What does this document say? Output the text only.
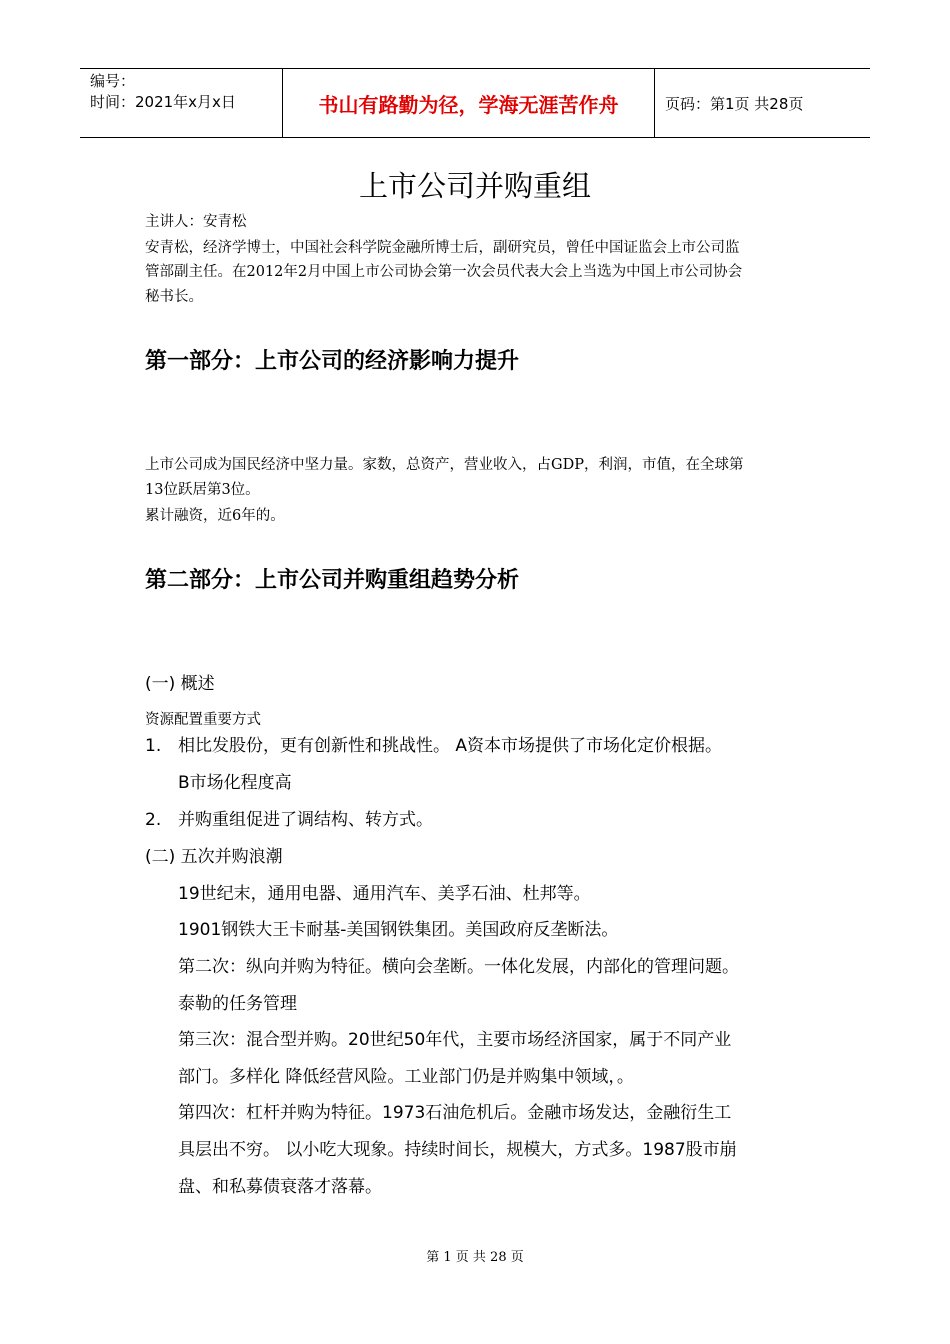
编号：
时间：2021年x月x日	书山有路勤为径，学海无涯苦作舟	页码：第1页 共28页
上市公司并购重组
主讲人：安青松
安青松，经济学博士，中国社会科学院金融所博士后，副研究员，曾任中国证监会上市公司监
管部副主任。在2012年2月中国上市公司协会第一次会员代表大会上当选为中国上市公司协会
秘书长。
第一部分：上市公司的经济影响力提升
上市公司成为国民经济中坚力量。家数，总资产，营业收入，占GDP，利润，市值，在全球第
13位跃居第3位。
累计融资，近6年的。
第二部分：上市公司并购重组趋势分析
(一) 概述
资源配置重要方式
1. 相比发股份，更有创新性和挑战性。 A资本市场提供了市场化定价根据。
B市场化程度高
2. 并购重组促进了调结构、转方式。
(二) 五次并购浪潮
19世纪末，通用电器、通用汽车、美孚石油、杜邦等。
1901钢铁大王卡耐基-美国钢铁集团。美国政府反垄断法。
第二次：纵向并购为特征。横向会垄断。一体化发展，内部化的管理问题。
泰勒的任务管理
第三次：混合型并购。20世纪50年代，主要市场经济国家，属于不同产业
部门。多样化 降低经营风险。工业部门仍是并购集中领域，。
第四次：杠杆并购为特征。1973石油危机后。金融市场发达，金融衍生工
具层出不穷。 以小吃大现象。持续时间长，规模大，方式多。1987股市崩
盘、和私募债衰落才落幕。
第 1 页 共 28 页
